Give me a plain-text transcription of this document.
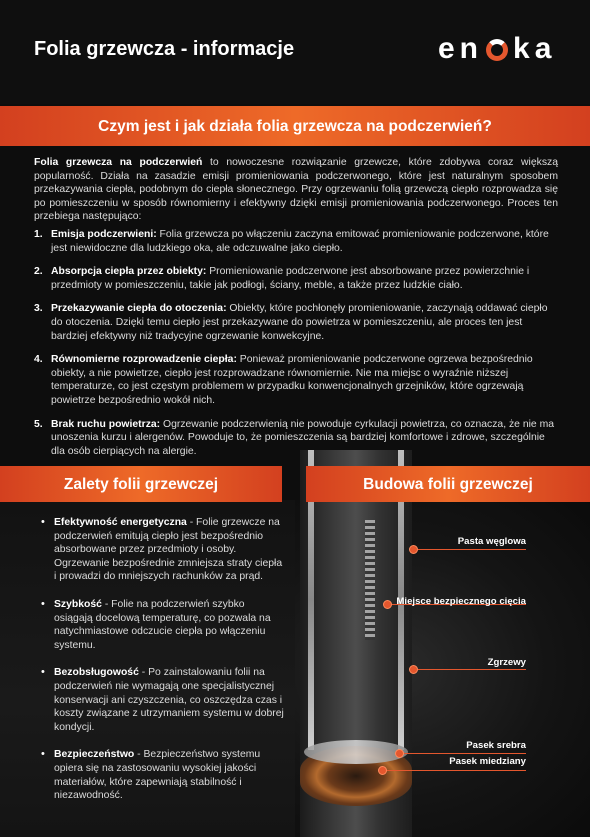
Folia grzewcza - informacje	en ka
Czym jest i jak działa folia grzewcza na podczerwień?

Folia grzewcza na podczerwień to nowoczesne rozwiązanie grzewcze, które zdobywa coraz większą popularność. Działa na zasadzie emisji promieniowania podczerwonego, które jest naturalnym sposobem przekazywania ciepła, podobnym do ciepła słonecznego. Przy ogrzewaniu folią grzewczą ciepło rozprowadza się po pomieszczeniu w sposób równomierny i efektywny dzięki emisji promieniowania podczerwonego. Proces ten przebiega następująco:

1. Emisja podczerwieni: Folia grzewcza po włączeniu zaczyna emitować promieniowanie podczerwone, które jest niewidoczne dla ludzkiego oka, ale odczuwalne jako ciepło.
2. Absorpcja ciepła przez obiekty: Promieniowanie podczerwone jest absorbowane przez powierzchnie i przedmioty w pomieszczeniu, takie jak podłogi, ściany, meble, a także przez ludzkie ciało.
3. Przekazywanie ciepła do otoczenia: Obiekty, które pochłonęły promieniowanie, zaczynają oddawać ciepło do otoczenia. Dzięki temu ciepło jest przekazywane do powietrza w pomieszczeniu, ale proces ten jest bardziej efektywny niż tradycyjne ogrzewanie konwekcyjne.
4. Równomierne rozprowadzenie ciepła: Ponieważ promieniowanie podczerwone ogrzewa bezpośrednio obiekty, a nie powietrze, ciepło jest rozprowadzane równomiernie. Nie ma miejsc o wyraźnie niższej temperaturze, co jest częstym problemem w przypadku konwencjonalnych grzejników, które ogrzewają powietrze bezpośrednio wokół nich.
5. Brak ruchu powietrza: Ogrzewanie podczerwienią nie powoduje cyrkulacji powietrza, co oznacza, że nie ma unoszenia kurzu i alergenów. Powoduje to, że pomieszczenia są bardziej komfortowe i zdrowe, szczególnie dla osób cierpiących na alergie.
Zalety folii grzewczej	Budowa folii grzewczej
• Efektywność energetyczna - Folie grzewcze na podczerwień emitują ciepło jest bezpośrednio absorbowane przez przedmioty i osoby. Ogrzewanie bezpośrednie zmniejsza straty ciepła i prowadzi do mniejszych rachunków za prąd.
• Szybkość - Folie na podczerwień szybko osiągają docelową temperaturę, co pozwala na natychmiastowe odczucie ciepła po włączeniu systemu.
• Bezobsługowość - Po zainstalowaniu folii na podczerwień nie wymagają one specjalistycznej konserwacji ani czyszczenia, co oszczędza czas i koszty związane z utrzymaniem systemu w dobrej kondycji.
• Bezpieczeństwo - Bezpieczeństwo systemu opiera się na zastosowaniu wysokiej jakości materiałów, które zapewniają stabilność i niezawodność.
Pasta węglowa
Miejsce bezpiecznego cięcia
Zgrzewy
Pasek srebra
Pasek miedziany
